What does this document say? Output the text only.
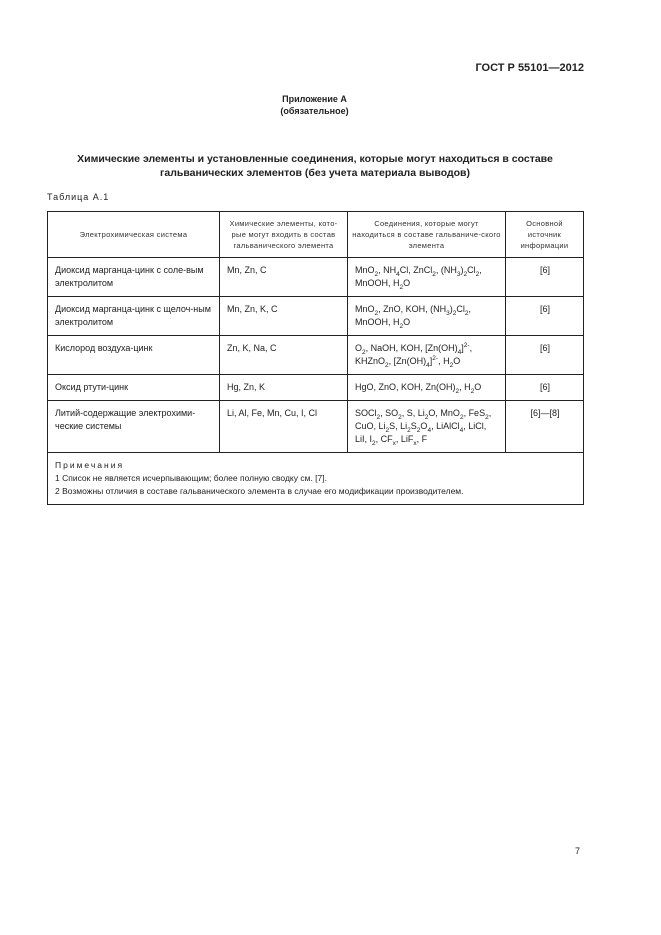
ГОСТ Р 55101—2012
Приложение А
(обязательное)
Химические элементы и установленные соединения, которые могут находиться в составе
гальванических элементов (без учета материала выводов)
Таблица А.1
Электрохимическая система	Химические элементы, кото-рые могут входить в состав гальванического элемента	Соединения, которые могут находиться в составе гальваниче-ского элемента	Основной источник информации
Диоксид марганца-цинк с соле-вым электролитом	Mn, Zn, C	MnO$_2$, $NH_4Cl$, ZnCl$_2$, $(NH_3)_2Cl_2$, MnOOH, $H_2O$	[6]
Диоксид марганца-цинк с щелоч-ным электролитом	Mn, Zn, K, C	MnO$_2$, ZnO, KOH, $(NH_3)_2Cl_2$, MnOOH, $H_2O$	[6]
Кислород воздуха-цинк	Zn, K, Na, C	$O_2$, NaOH, KOH, $[Zn(OH)_4]^{2-}$, KHZnO$_2$, $[Zn(OH)_4]^{2-}$, $H_2O$	[6]
Оксид ртути-цинк	Hg, Zn, K	HgO, ZnO, KOH, $Zn(OH)_2$, $H_2O$	[6]
Литий-содержащие электрохими-ческие системы	Li, Al, Fe, Mn, Cu, I, Cl	SOCl$_2$, $SO_2$, S, $Li_2O$, MnO$_2$, FeS$_2$, CuO, $Li_2S$, $Li_2S_2O_4$, LiAlCl$_4$, LiCl, LiI, $I_2$, $CF_x$, LiF$_x$, F	[6]—[8]

Примечания
1 Список не является исчерпывающим; более полную сводку см. [7].
2 Возможны отличия в составе гальванического элемента в случае его модификации производителем.			
7
